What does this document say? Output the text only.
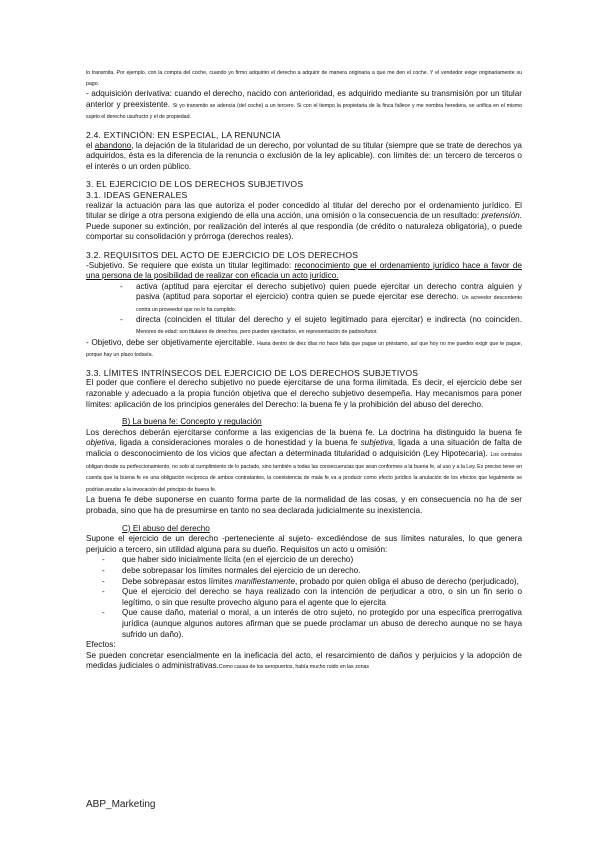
lo transmita. Por ejemplo, con la compra del coche, cuando yo firmo adquiriro el derecho a adquirir de manera originaria a que me den el coche. Y el vendedor exige originariamente su pago.

- adquisición derivativa: cuando el derecho, nacido con anterioridad, es adquirido mediante su transmisión por un titular anterior y preexistente. Si yo transmito se adencia (del coche) a un tercero. Si con el tiempo la propietaria de la finca fallece y me nombra heredera, se unifica en el mismo sujeto el derecho usufructo y el de propiedad.

2.4. EXTINCIÓN: EN ESPECIAL, LA RENUNCIA

el abandono, la dejación de la titularidad de un derecho, por voluntad de su titular (siempre que se trate de derechos ya adquiridos, ésta es la diferencia de la renuncia o exclusión de la ley aplicable). con límites de: un tercero de terceros o el interés o un orden público.

3. EL EJERCICIO DE LOS DERECHOS SUBJETIVOS

3.1. IDEAS GENERALES

realizar la actuación para las que autoriza el poder concedido al titular del derecho por el ordenamiento jurídico. El titular se dirige a otra persona exigiendo de ella una acción, una omisión o la consecuencia de un resultado: pretensión. Puede suponer su extinción, por realización del interés al que respondía (de crédito o naturaleza obligatoria), o puede comportar su consolidación y prórroga (derechos reales).

3.2. REQUISITOS DEL ACTO DE EJERCICIO DE LOS DERECHOS

-Subjetivo. Se requiere que exista un titular legitimado: reconocimiento que el ordenamiento jurídico hace a favor de una persona de la posibilidad de realizar con eficacia un acto jurídico.

- activa (aptitud para ejercitar el derecho subjetivo) quien puede ejercitar un derecho contra alguien y pasiva (aptitud para soportar el ejercicio) contra quien se puede ejercitar ese derecho. Un acreedor descontento contra un proveedor que no lo ha cumplido.
- directa (coinciden el titular del derecho y el sujeto legitimado para ejercitar) e indirecta (no coinciden. Menores de edad: son titulares de derechos, pero pueden ejercitarlos, en representación de padres/tutor.

- Objetivo, debe ser objetivamente ejercitable. Hasta dentro de diez días no hace falta que pague un préstamo, así que hoy no me puedes exigir que te pague, porque hay un plazo todavía.

3.3. LÍMITES INTRÍNSECOS DEL EJERCICIO DE LOS DERECHOS SUBJETIVOS

El poder que confiere el derecho subjetivo no puede ejercitarse de una forma ilimitada. Es decir, el ejercicio debe ser razonable y adecuado a la propia función objetiva que el derecho subjetivo desempeña. Hay mecanismos para poner límites: aplicación de los principios generales del Derecho: la buena fe y la prohibición del abuso del derecho.

B) La buena fe: Concepto y regulación

Los derechos deberán ejercitarse conforme a las exigencias de la buena fe. La doctrina ha distinguido la buena fe objetiva, ligada a consideraciones morales o de honestidad y la buena fe subjetiva, ligada a una situación de falta de malicia o desconocimiento de los vicios que afectan a determinada titularidad o adquisición (Ley Hipotecaria). Los contratos obligan desde su perfeccionamiento, no solo al cumplimiento de lo pactado, sino también a todas las consecuencias que sean conformes a la buena fe, al uso y a la Ley. Es preciso tener en cuenta que la buena fe es una obligación recíproca de ambos contratantes, la coexistencia de mala fe va a producir como efecto jurídico la anulación de los efectos que legalmente se podrían anudar a la invocación del principio de buena fe.

La buena fe debe suponerse en cuanto forma parte de la normalidad de las cosas, y en consecuencia no ha de ser probada, sino que ha de presumirse en tanto no sea declarada judicialmente su inexistencia.

C) El abuso del derecho

Supone el ejercicio de un derecho -perteneciente al sujeto- excediéndose de sus límites naturales, lo que genera perjuicio a tercero, sin utilidad alguna para su dueño. Requisitos un acto u omisión:

- que haber sido inicialmente lícita (en el ejercicio de un derecho)
- debe sobrepasar los límites normales del ejercicio de un derecho.
- Debe sobrepasar estos límites manifiestamente, probado por quien obliga el abuso de derecho (perjudicado),
- Que el ejercicio del derecho se haya realizado con la intención de perjudicar a otro, o sin un fin serio o legítimo, o sin que resulte provecho alguno para el agente que lo ejercita
- Que cause daño, material o moral, a un interés de otro sujeto, no protegido por una específica prerrogativa jurídica (aunque algunos autores afirman que se puede proclamar un abuso de derecho aunque no se haya sufrido un daño).

Efectos:

Se pueden concretar esencialmente en la ineficacia del acto, el resarcimiento de daños y perjuicios y la adopción de medidas judiciales o administrativas.Como causa de los aeropuertos, había mucho ruido en las zonas

ABP_Marketing
